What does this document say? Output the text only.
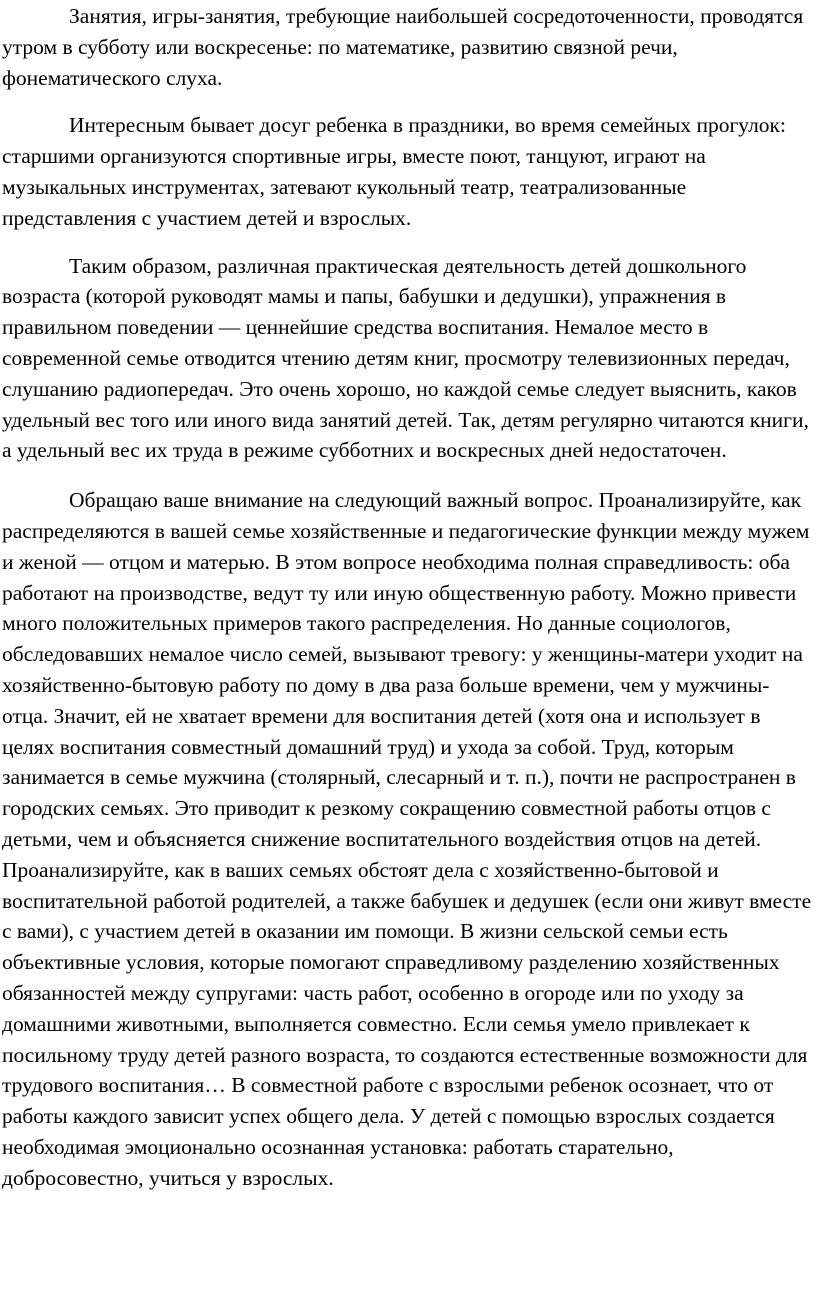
Занятия, игры-занятия, требующие наибольшей сосредоточенности, проводятся утром в субботу или воскресенье: по математике, развитию связной речи, фонематического слуха.

Интересным бывает досуг ребенка в праздники, во время семейных прогулок: старшими организуются спортивные игры, вместе поют, танцуют, играют на музыкальных инструментах, затевают кукольный театр, театрализованные представления с участием детей и взрослых.

Таким образом, различная практическая деятельность детей дошкольного возраста (которой руководят мамы и папы, бабушки и дедушки), упражнения в правильном поведении — ценнейшие средства воспитания. Немалое место в современной семье отводится чтению детям книг, просмотру телевизионных передач, слушанию радиопередач. Это очень хорошо, но каждой семье следует выяснить, каков удельный вес того или иного вида занятий детей. Так, детям регулярно читаются книги, а удельный вес их труда в режиме субботних и воскресных дней недостаточен.

Обращаю ваше внимание на следующий важный вопрос. Проанализируйте, как распределяются в вашей семье хозяйственные и педагогические функции между мужем и женой — отцом и матерью. В этом вопросе необходима полная справедливость: оба работают на производстве, ведут ту или иную общественную работу. Можно привести много положительных примеров такого распределения. Но данные социологов, обследовавших немалое число семей, вызывают тревогу: у женщины-матери уходит на хозяйственно-бытовую работу по дому в два раза больше времени, чем у мужчины-отца. Значит, ей не хватает времени для воспитания детей (хотя она и использует в целях воспитания совместный домашний труд) и ухода за собой. Труд, которым занимается в семье мужчина (столярный, слесарный и т. п.), почти не распространен в городских семьях. Это приводит к резкому сокращению совместной работы отцов с детьми, чем и объясняется снижение воспитательного воздействия отцов на детей. Проанализируйте, как в ваших семьях обстоят дела с хозяйственно-бытовой и воспитательной работой родителей, а также бабушек и дедушек (если они живут вместе с вами), с участием детей в оказании им помощи. В жизни сельской семьи есть объективные условия, которые помогают справедливому разделению хозяйственных обязанностей между супругами: часть работ, особенно в огороде или по уходу за домашними животными, выполняется совместно. Если семья умело привлекает к посильному труду детей разного возраста, то создаются естественные возможности для трудового воспитания… В совместной работе с взрослыми ребенок осознает, что от работы каждого зависит успех общего дела. У детей с помощью взрослых создается необходимая эмоционально осознанная установка: работать старательно, добросовестно, учиться у взрослых.
